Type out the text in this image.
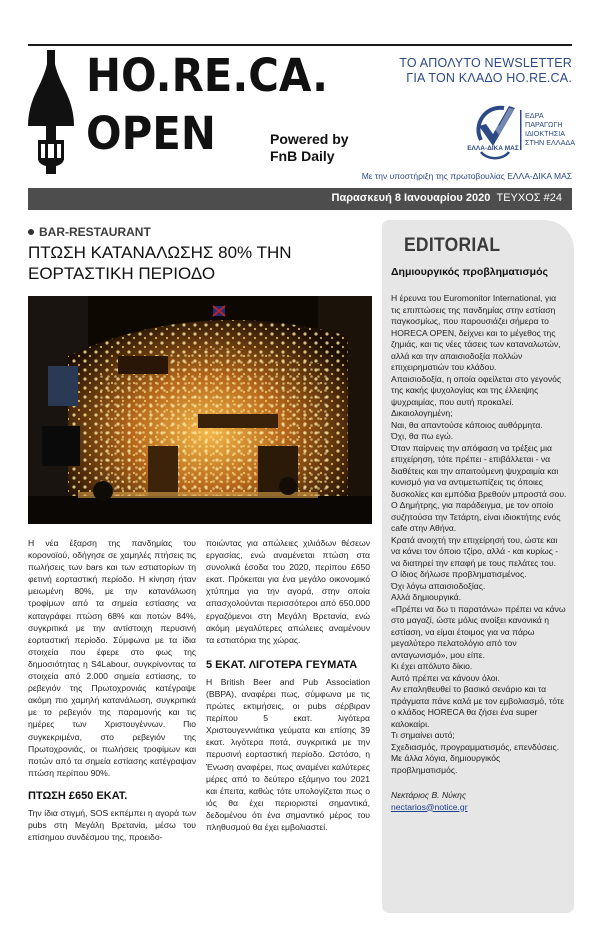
HO.RE.CA.
OPEN	Powered by
FnB Daily
ΤΟ ΑΠΟΛΥΤΟ NEWSLETTER
ΓΙΑ ΤΟΝ ΚΛΑΔΟ HO.RE.CA.
ΕΛΛΑ-ΔΙΚΑ ΜΑΣ
ΕΔΡΑ
ΠΑΡΑΓΩΓΗ
ΙΔΙΟΚΤΗΣΙΑ
ΣΤΗΝ ΕΛΛΑΔΑ
Με την υποστήριξη της πρωτοβουλίας ΕΛΛΑ-ΔΙΚΑ ΜΑΣ
Παρασκευή 8 Ιανουαρίου 2020 ΤΕΥΧΟΣ #24
BAR-RESTAURANT
ΠΤΩΣΗ ΚΑΤΑΝΑΛΩΣΗΣ 80% ΤΗΝ ΕΟΡΤΑΣΤΙΚΗ ΠΕΡΙΟΔΟ

Η νέα έξαρση της πανδημίας του κορονοϊού, οδήγησε σε χαμηλές πτήσεις τις πωλήσεις των bars και των εστιατορίων τη φετινή εορταστική περίοδο. Η κίνηση ήταν μειωμένη 80%, με την κατανάλωση τροφίμων από τα σημεία εστίασης να καταγράφει πτώση 68% και ποτών 84%, συγκριτικά με την αντίστοιχη περυσινή εορταστική περίοδο. Σύμφωνα με τα ίδια στοιχεία που έφερε στο φως της δημοσιότητας η S4Labour, συγκρίνοντας τα στοιχεία από 2.000 σημεία εστίασης, το ρεβεγιόν της Πρωτοχρονιάς κατέγραψε ακόμη πιο χαμηλή κατανάλωση, συγκριτικά με το ρεβεγιόν της παραμονής και τις ημέρες των Χριστουγέννων. Πιο συγκεκριμένα, στο ρεβεγιόν της Πρωτοχρονιάς, οι πωλήσεις τροφίμων και ποτών από τα σημεία εστίασης κατέγραψαν πτώση περίπου 90%.

ΠΤΩΣΗ £650 ΕΚΑΤ.

Την ίδια στιγμή, SOS εκπέμπει η αγορά των pubs στη Μεγάλη Βρετανία, μέσω του επίσημου συνδέσμου της, προειδο-

ποιώντας για απώλειες χιλιάδων θέσεων εργασίας, ενώ αναμένεται πτώση στα συνολικά έσοδα του 2020, περίπου £650 εκατ. Πρόκειται για ένα μεγάλο οικονομικό χτύπημα για την αγορά, στην οποία απασχολούνται περισσότεροι από 650.000 εργαζόμενοι στη Μεγάλη Βρετανία, ενώ ακόμη μεγαλύτερες απώλειες αναμένουν τα εστιατόρια της χώρας.

5 ΕΚΑΤ. ΛΙΓΟΤΕΡΑ ΓΕΥΜΑΤΑ

Η British Beer and Pub Association (BBPA), αναφέρει πως, σύμφωνα με τις πρώτες εκτιμήσεις, οι pubs σέρβιραν περίπου 5 εκατ. λιγότερα Χριστουγεννιάτικα γεύματα και επίσης 39 εκατ. λιγότερα ποτά, συγκριτικά με την περυσινή εορταστική περίοδο. Ωστόσο, η Ένωση αναφέρει, πως αναμένει καλύτερες μέρες από το δεύτερο εξάμηνο του 2021 και έπειτα, καθώς τότε υπολογίζεται πως ο ιός θα έχει περιοριστεί σημαντικά, δεδομένου ότι ένα σημαντικό μέρος του πληθυσμού θα έχει εμβολιαστεί.

EDITORIAL
Δημιουργικός προβληματισμός

Η έρευνα του Euromonitor International, για τις επιπτώσεις της πανδημίας στην εστίαση παγκοσμίως, που παρουσιάζει σήμερα το HORECA OPEN, δείχνει και το μέγεθος της ζημιάς, και τις νέες τάσεις των καταναλωτών, αλλά και την απαισιοδοξία πολλών επιχειρηματιών του κλάδου.

Απαισιοδοξία, η οποία οφείλεται στο γεγονός της κακής ψυχολογίας και της έλλειψης ψυχραιμίας, που αυτή προκαλεί.

Δικαιολογημένη;

Ναι, θα απαντούσε κάποιος αυθόρμητα.

Όχι, θα πω εγώ.

Όταν παίρνεις την απόφαση να τρέξεις μια επιχείρηση, τότε πρέπει - επιβάλλεται - να διαθέτεις και την απαιτούμενη ψυχραιμία και κυνισμό για να αντιμετωπίζεις τις όποιες δυσκολίες και εμπόδια βρεθούν μπροστά σου.

Ο Δημήτρης, για παράδειγμα, με τον οποίο συζητούσα την Τετάρτη, είναι ιδιοκτήτης ενός cafe στην Αθήνα.

Κρατά ανοιχτή την επιχείρησή του, ώστε και να κάνει τον όποιο τζίρο, αλλά - και κυρίως - να διατηρεί την επαφή με τους πελάτες του.

Ο ίδιος δήλωσε προβληματισμένος.

Όχι λόγω απαισιοδοξίας.

Αλλά δημιουργικά.

«Πρέπει να δω τι παρατάνω» πρέπει να κάνω στο μαγαζί, ώστε μόλις ανοίξει κανονικά η εστίαση, να είμαι έτοιμος για να πάρω μεγαλύτερο πελατολόγιο από τον ανταγωνισμό», μου είπε.

Κι έχει απόλυτο δίκιο.

Αυτό πρέπει να κάνουν όλοι.

Αν επαληθευθεί το βασικό σενάριο και τα πράγματα πάνε καλά με τον εμβολιασμό, τότε ο κλάδος HORECA θα ζήσει ένα super καλοκαίρι.

Τι σημαίνει αυτό;

Σχεδιασμός, προγραμματισμός, επενδύσεις.

Με άλλα λόγια, δημιουργικός προβληματισμός.

Νεκτάριος Β. Νύκης

nectarios@notice.gr
